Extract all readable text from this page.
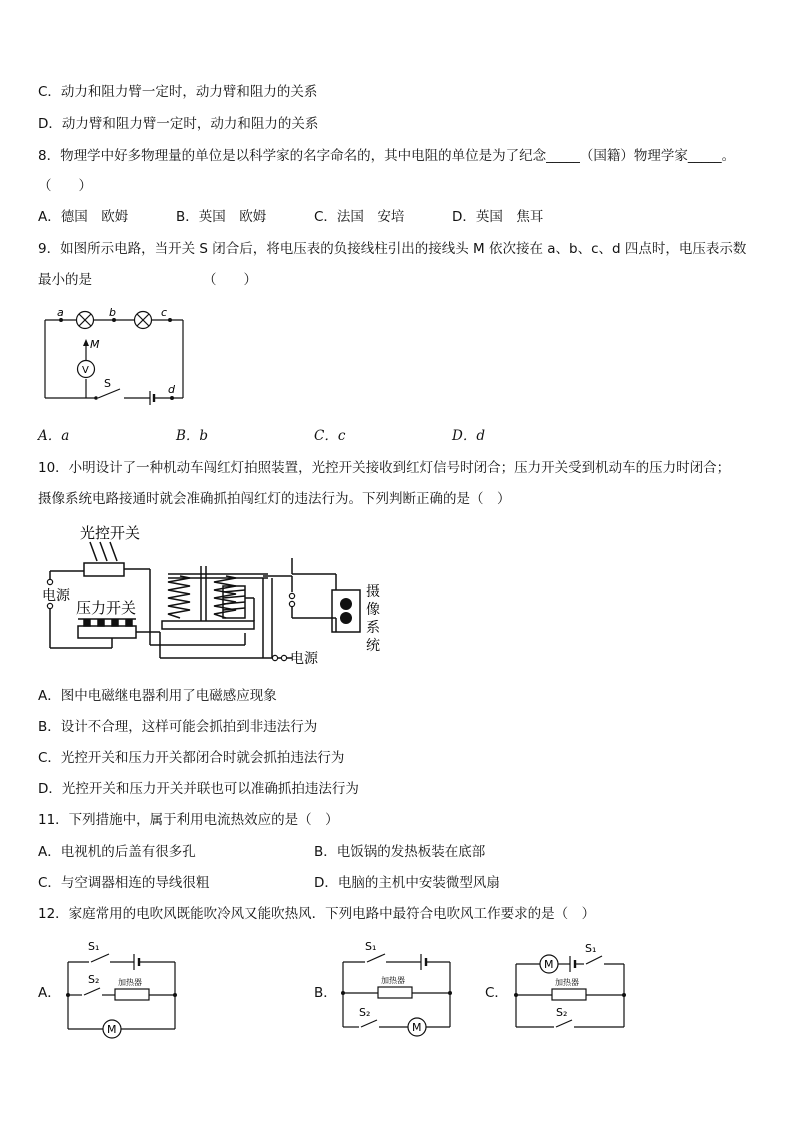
C．动力和阻力臂一定时，动力臂和阻力的关系
D．动力臂和阻力臂一定时，动力和阻力的关系
8．物理学中好多物理量的单位是以科学家的名字命名的，其中电阻的单位是为了纪念_____（国籍）物理学家_____。
（　　）
A．德国　欧姆	B．英国　欧姆	C．法国　安培	D．英国　焦耳
9．如图所示电路，当开关 S 闭合后，将电压表的负接线柱引出的接线头 M 依次接在 a、b、c、d 四点时，电压表示数
最小的是	（　　）
a	b	c
d
M
V
S
A．a	B．b	C．c	D．d
10．小明设计了一种机动车闯红灯拍照装置，光控开关接收到红灯信号时闭合；压力开关受到机动车的压力时闭合；
摄像系统电路接通时就会准确抓拍闯红灯的违法行为。下列判断正确的是（　）
光控开关
电源
压力开关
电源
摄
像
系
统
A．图中电磁继电器利用了电磁感应现象
B．设计不合理，这样可能会抓拍到非违法行为
C．光控开关和压力开关都闭合时就会抓拍违法行为
D．光控开关和压力开关并联也可以准确抓拍违法行为
11．下列措施中，属于利用电流热效应的是（　）
A．电视机的后盖有很多孔	B．电饭锅的发热板装在底部
C．与空调器相连的导线很粗	D．电脑的主机中安装微型风扇
12．家庭常用的电吹风既能吹冷风又能吹热风．下列电路中最符合电吹风工作要求的是（　）
A．
S₁
S₂ 加热器
M
B．
S₁
加热器
S₂
M
C．
M
S₁
加热器
S₂
